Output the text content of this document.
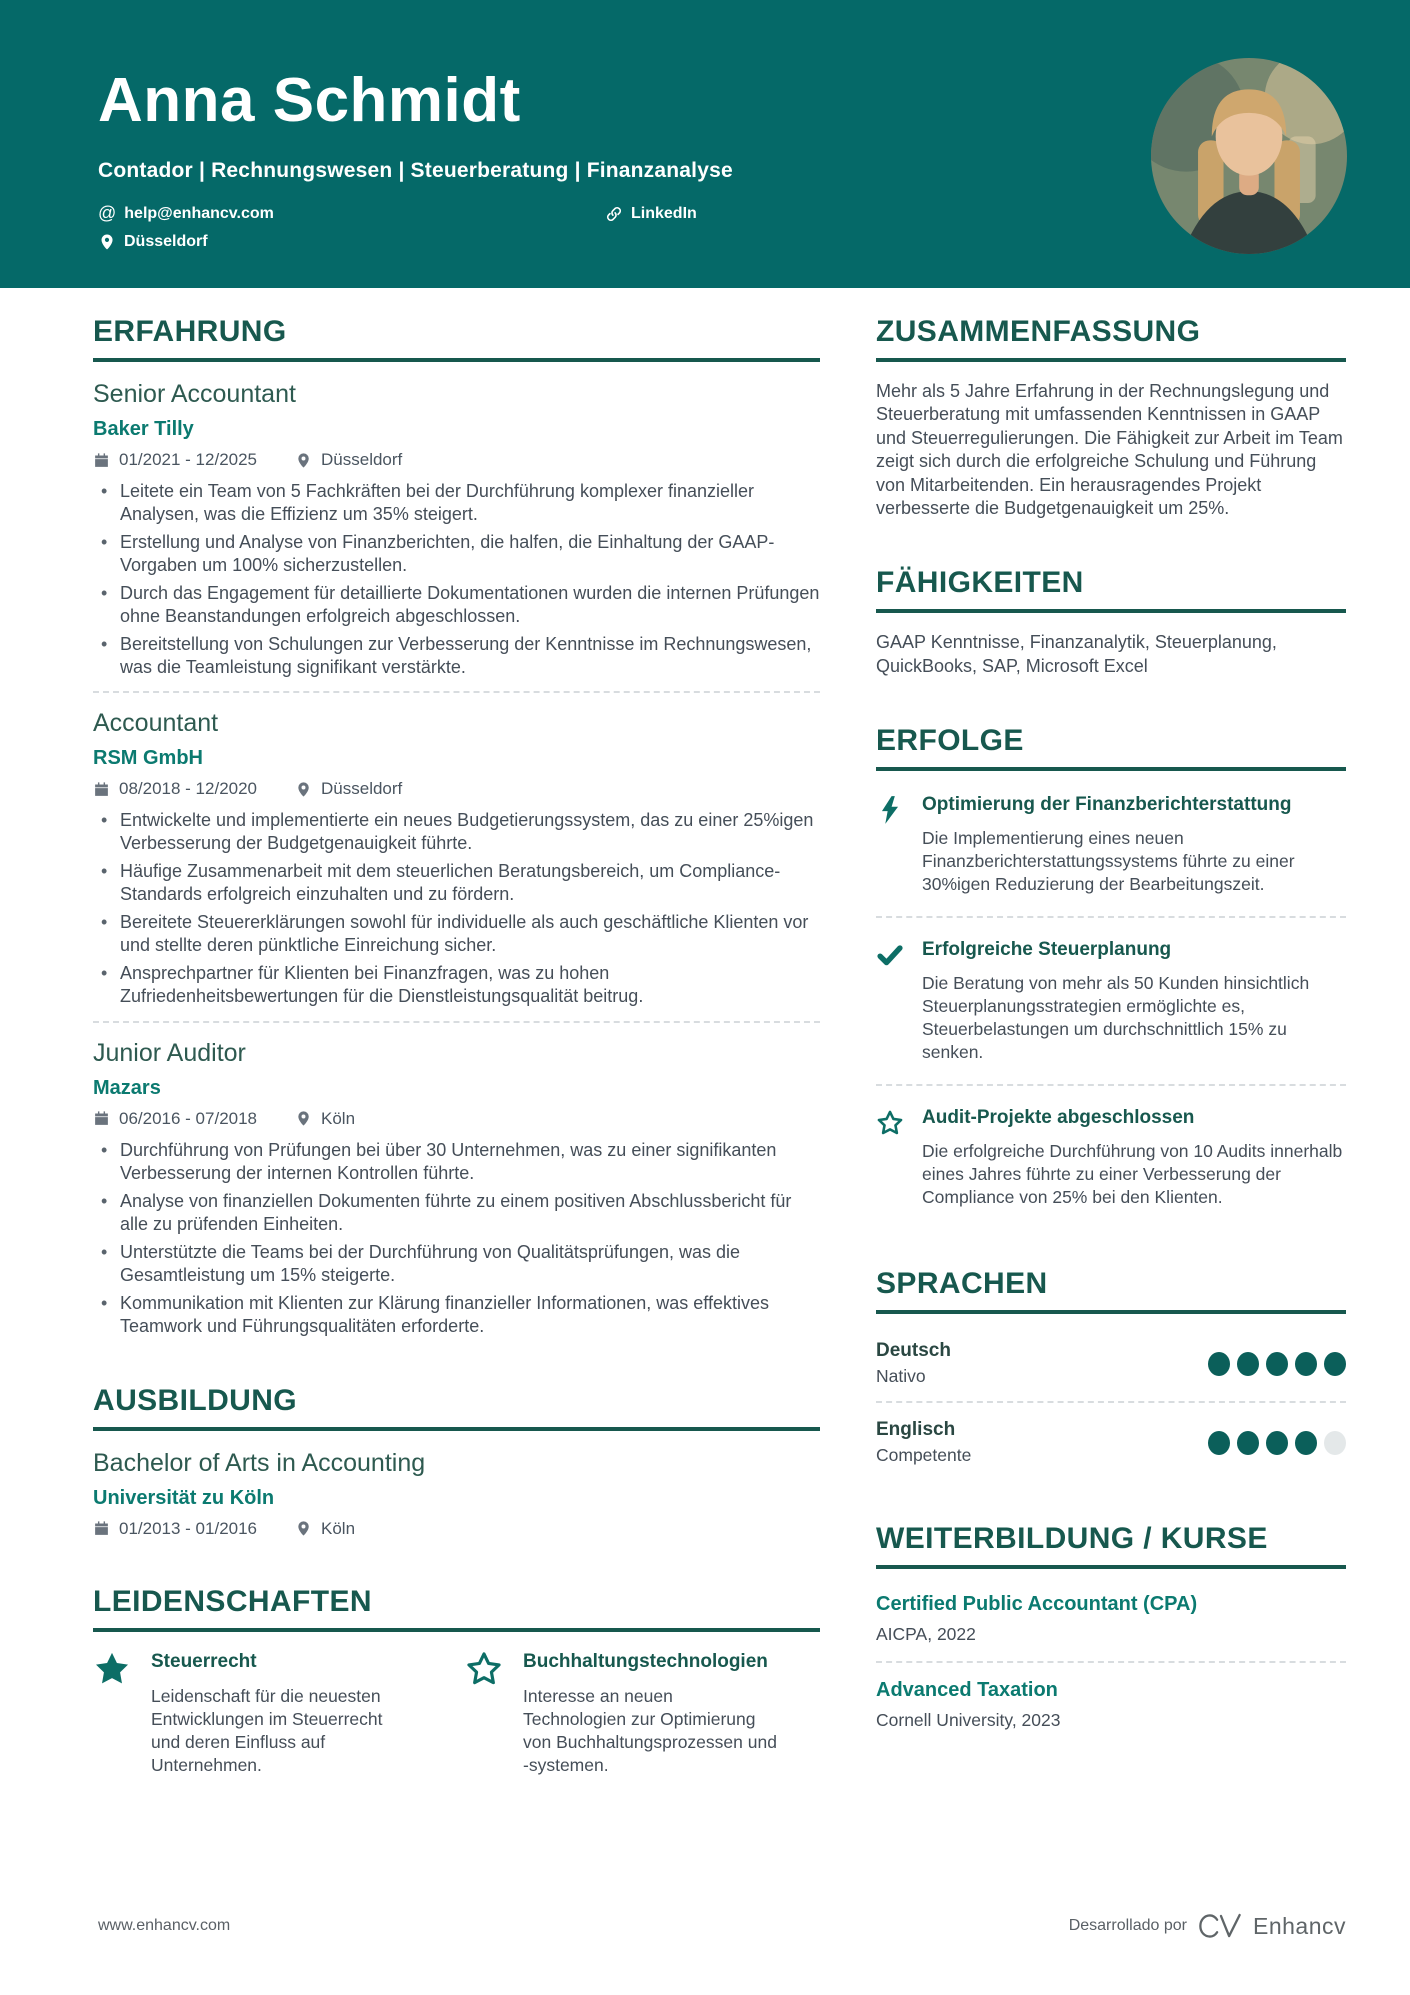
Anna Schmidt
Contador | Rechnungswesen | Steuerberatung | Finanzanalyse
@ help@enhancv.com	LinkedIn
Düsseldorf
ERFAHRUNG
Senior Accountant
Baker Tilly
01/2021 - 12/2025	Düsseldorf
• Leitete ein Team von 5 Fachkräften bei der Durchführung komplexer finanzieller Analysen, was die Effizienz um 35% steigert.
• Erstellung und Analyse von Finanzberichten, die halfen, die Einhaltung der GAAP-Vorgaben um 100% sicherzustellen.
• Durch das Engagement für detaillierte Dokumentationen wurden die internen Prüfungen ohne Beanstandungen erfolgreich abgeschlossen.
• Bereitstellung von Schulungen zur Verbesserung der Kenntnisse im Rechnungswesen, was die Teamleistung signifikant verstärkte.
Accountant
RSM GmbH
08/2018 - 12/2020	Düsseldorf
• Entwickelte und implementierte ein neues Budgetierungssystem, das zu einer 25%igen Verbesserung der Budgetgenauigkeit führte.
• Häufige Zusammenarbeit mit dem steuerlichen Beratungsbereich, um Compliance-Standards erfolgreich einzuhalten und zu fördern.
• Bereitete Steuererklärungen sowohl für individuelle als auch geschäftliche Klienten vor und stellte deren pünktliche Einreichung sicher.
• Ansprechpartner für Klienten bei Finanzfragen, was zu hohen Zufriedenheitsbewertungen für die Dienstleistungsqualität beitrug.
Junior Auditor
Mazars
06/2016 - 07/2018	Köln
• Durchführung von Prüfungen bei über 30 Unternehmen, was zu einer signifikanten Verbesserung der internen Kontrollen führte.
• Analyse von finanziellen Dokumenten führte zu einem positiven Abschlussbericht für alle zu prüfenden Einheiten.
• Unterstützte die Teams bei der Durchführung von Qualitätsprüfungen, was die Gesamtleistung um 15% steigerte.
• Kommunikation mit Klienten zur Klärung finanzieller Informationen, was effektives Teamwork und Führungsqualitäten erforderte.
AUSBILDUNG
Bachelor of Arts in Accounting
Universität zu Köln
01/2013 - 01/2016	Köln
LEIDENSCHAFTEN
Steuerrecht
Leidenschaft für die neuesten Entwicklungen im Steuerrecht und deren Einfluss auf Unternehmen.
Buchhaltungstechnologien
Interesse an neuen Technologien zur Optimierung von Buchhaltungsprozessen und -systemen.
ZUSAMMENFASSUNG

Mehr als 5 Jahre Erfahrung in der Rechnungslegung und Steuerberatung mit umfassenden Kenntnissen in GAAP und Steuerregulierungen. Die Fähigkeit zur Arbeit im Team zeigt sich durch die erfolgreiche Schulung und Führung von Mitarbeitenden. Ein herausragendes Projekt verbesserte die Budgetgenauigkeit um 25%.

FÄHIGKEITEN

GAAP Kenntnisse, Finanzanalytik, Steuerplanung, QuickBooks, SAP, Microsoft Excel

ERFOLGE
Optimierung der Finanzberichterstattung
Die Implementierung eines neuen Finanzberichterstattungssystems führte zu einer 30%igen Reduzierung der Bearbeitungszeit.
Erfolgreiche Steuerplanung
Die Beratung von mehr als 50 Kunden hinsichtlich Steuerplanungsstrategien ermöglichte es, Steuerbelastungen um durchschnittlich 15% zu senken.
Audit-Projekte abgeschlossen
Die erfolgreiche Durchführung von 10 Audits innerhalb eines Jahres führte zu einer Verbesserung der Compliance von 25% bei den Klienten.
SPRACHEN
Deutsch
Nativo
Englisch
Competente
WEITERBILDUNG / KURSE
Certified Public Accountant (CPA)
AICPA, 2022
Advanced Taxation
Cornell University, 2023
www.enhancv.com	Desarrollado por	Enhancv
